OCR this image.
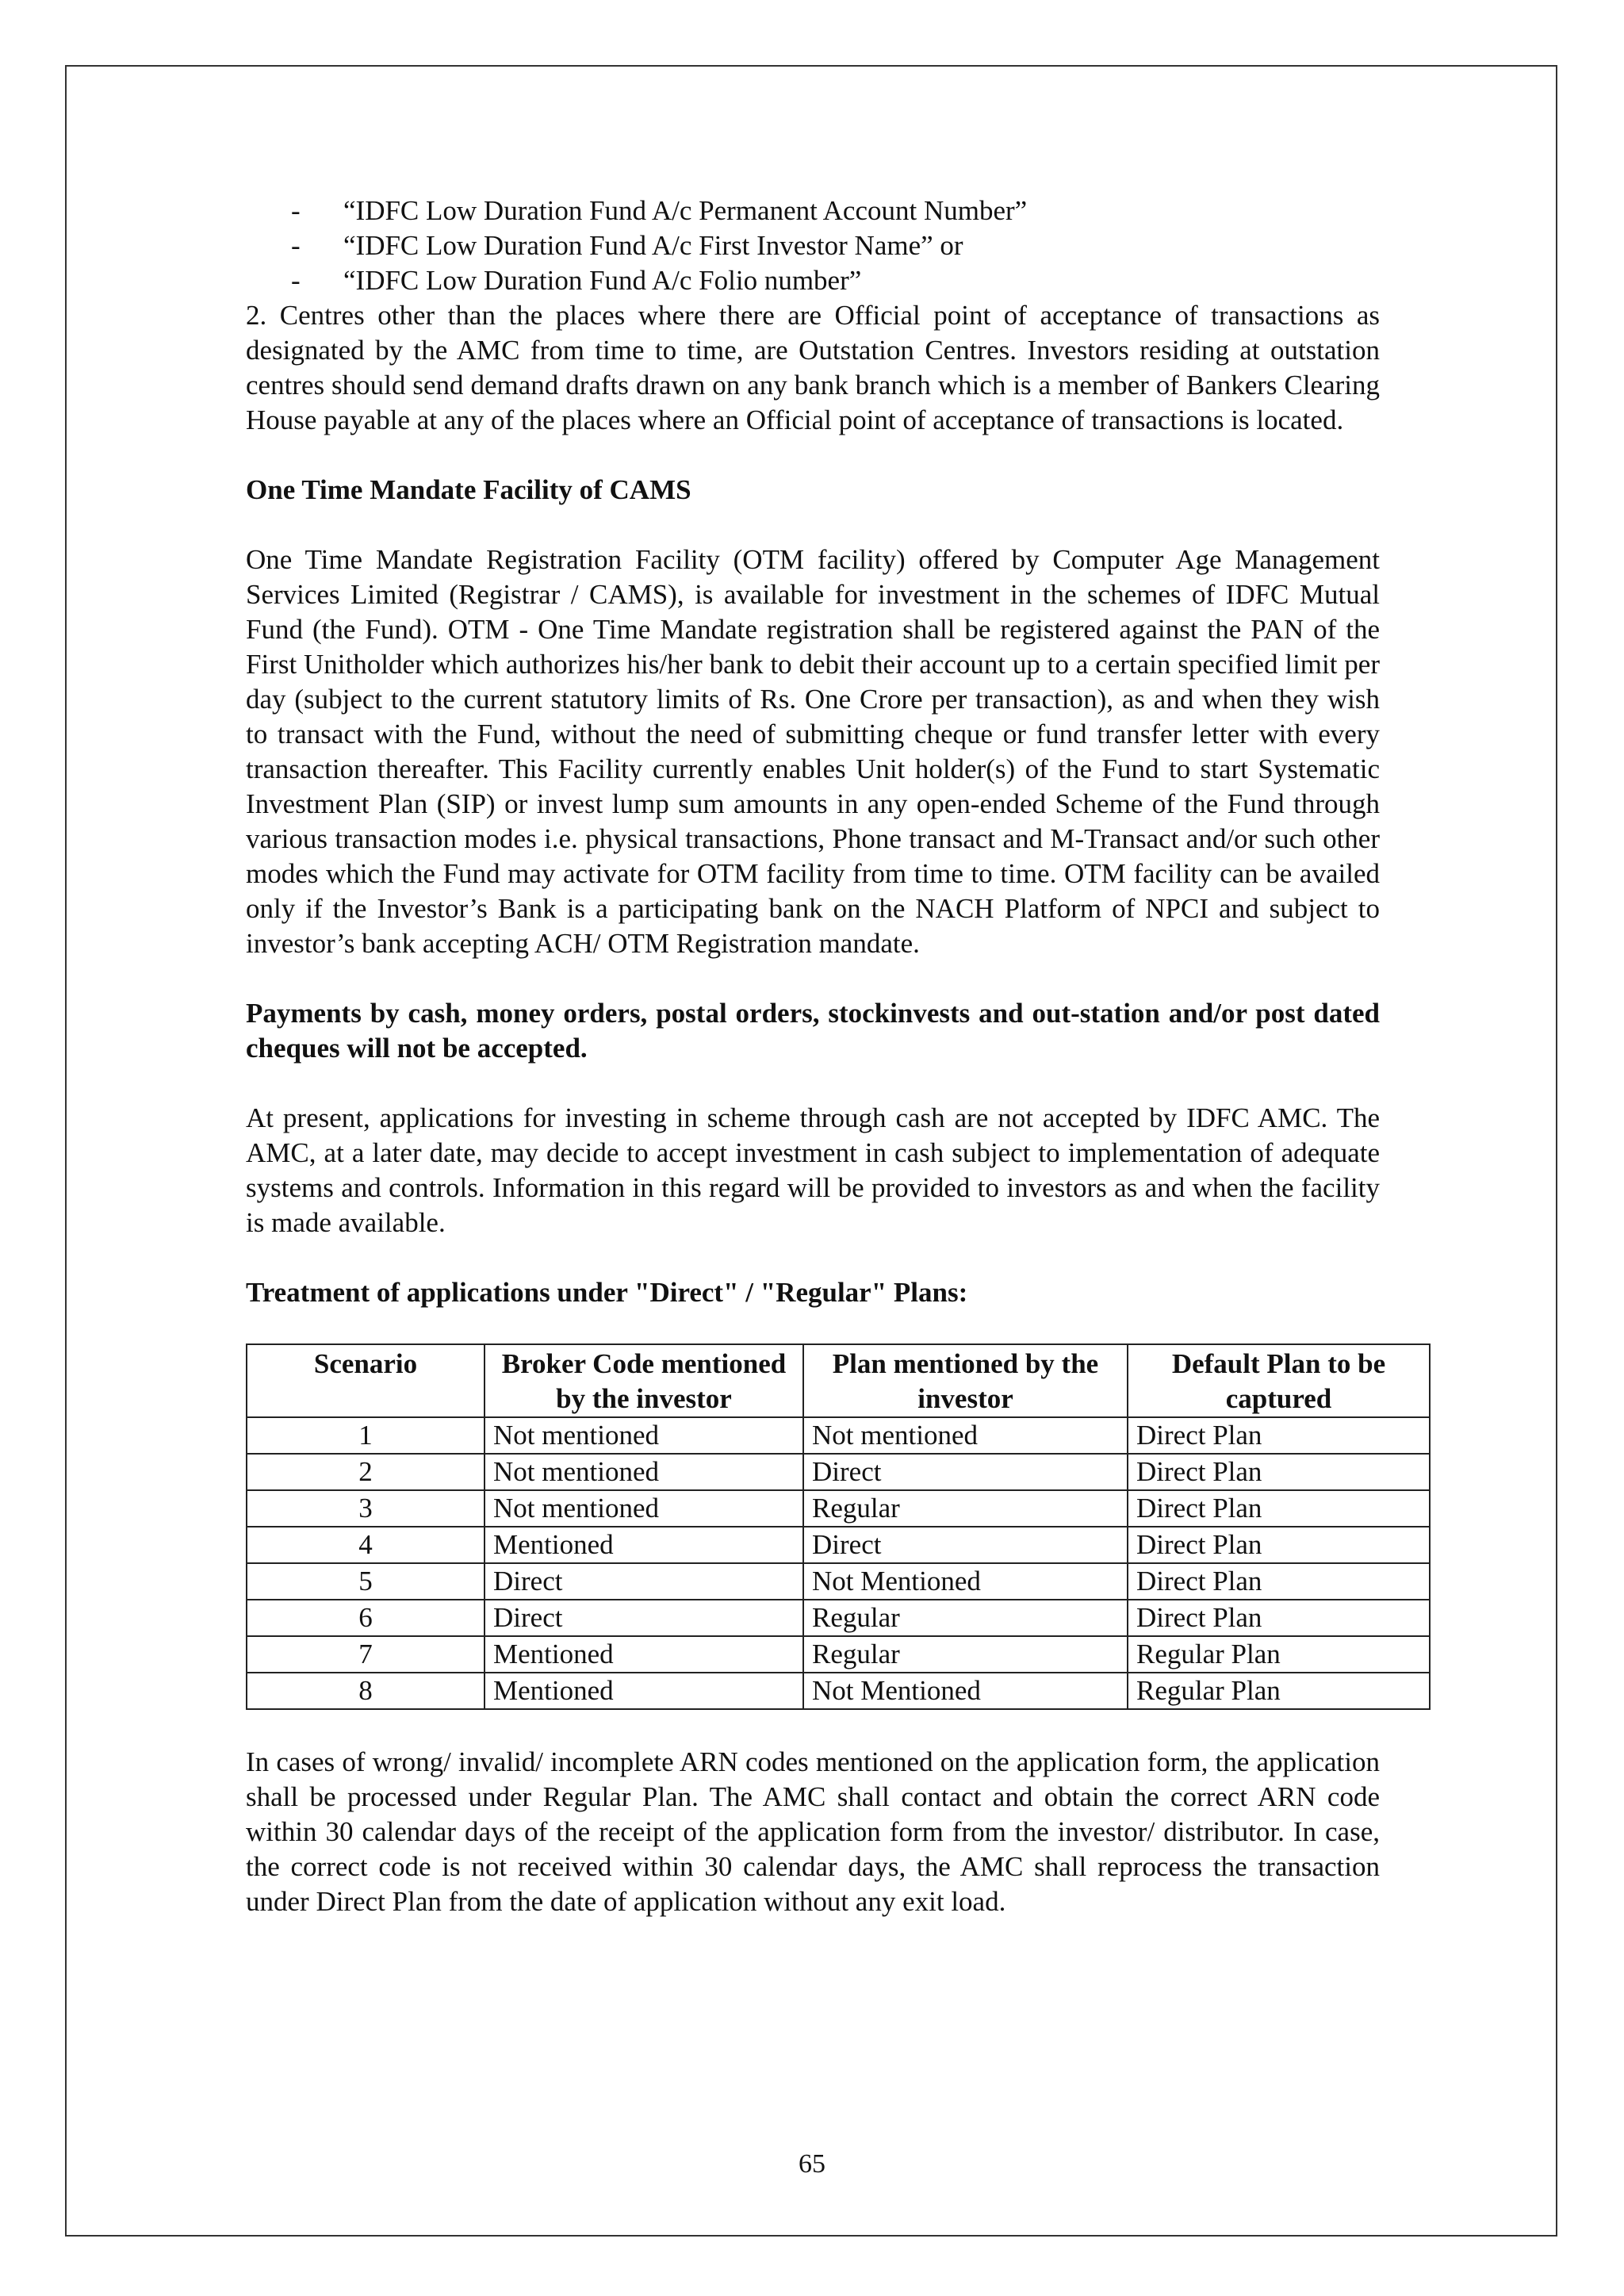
- “IDFC Low Duration Fund A/c Permanent Account Number”
- “IDFC Low Duration Fund A/c First Investor Name” or
- “IDFC Low Duration Fund A/c Folio number”

2. Centres other than the places where there are Official point of acceptance of transactions as designated by the AMC from time to time, are Outstation Centres. Investors residing at outstation centres should send demand drafts drawn on any bank branch which is a member of Bankers Clearing House payable at any of the places where an Official point of acceptance of transactions is located.

One Time Mandate Facility of CAMS

One Time Mandate Registration Facility (OTM facility) offered by Computer Age Management Services Limited (Registrar / CAMS), is available for investment in the schemes of IDFC Mutual Fund (the Fund). OTM - One Time Mandate registration shall be registered against the PAN of the First Unitholder which authorizes his/her bank to debit their account up to a certain specified limit per day (subject to the current statutory limits of Rs. One Crore per transaction), as and when they wish to transact with the Fund, without the need of submitting cheque or fund transfer letter with every transaction thereafter. This Facility currently enables Unit holder(s) of the Fund to start Systematic Investment Plan (SIP) or invest lump sum amounts in any open-ended Scheme of the Fund through various transaction modes i.e. physical transactions, Phone transact and M-Transact and/or such other modes which the Fund may activate for OTM facility from time to time. OTM facility can be availed only if the Investor’s Bank is a participating bank on the NACH Platform of NPCI and subject to investor’s bank accepting ACH/ OTM Registration mandate.

Payments by cash, money orders, postal orders, stockinvests and out-station and/or post dated cheques will not be accepted.

At present, applications for investing in scheme through cash are not accepted by IDFC AMC. The AMC, at a later date, may decide to accept investment in cash subject to implementation of adequate systems and controls. Information in this regard will be provided to investors as and when the facility is made available.

Treatment of applications under "Direct" / "Regular" Plans:

Scenario	Broker Code mentioned by the investor	Plan mentioned by the investor	Default Plan to be captured
1	Not mentioned	Not mentioned	Direct Plan
2	Not mentioned	Direct	Direct Plan
3	Not mentioned	Regular	Direct Plan
4	Mentioned	Direct	Direct Plan
5	Direct	Not Mentioned	Direct Plan
6	Direct	Regular	Direct Plan
7	Mentioned	Regular	Regular Plan
8	Mentioned	Not Mentioned	Regular Plan

In cases of wrong/ invalid/ incomplete ARN codes mentioned on the application form, the application shall be processed under Regular Plan. The AMC shall contact and obtain the correct ARN code within 30 calendar days of the receipt of the application form from the investor/ distributor. In case, the correct code is not received within 30 calendar days, the AMC shall reprocess the transaction under Direct Plan from the date of application without any exit load.

65
